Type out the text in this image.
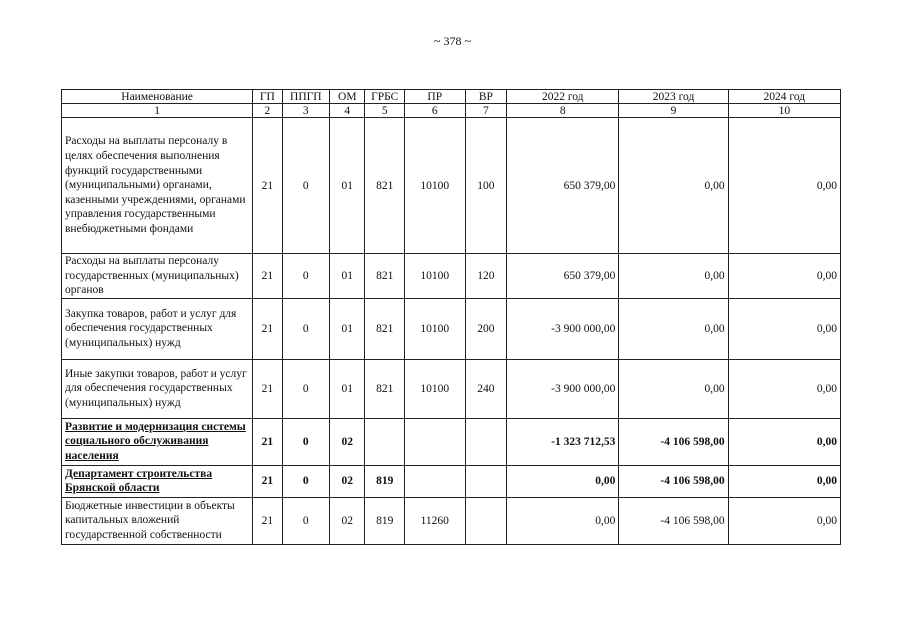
~ 378 ~
Наименование	ГП	ППГП	ОМ	ГРБС	ПР	ВР	2022 год	2023 год	2024 год
1	2	3	4	5	6	7	8	9	10
Расходы на выплаты персоналу в целях обеспечения выполнения функций государственными (муниципальными) органами, казенными учреждениями, органами управления государственными внебюджетными фондами	21	0	01	821	10100	100	650 379,00	0,00	0,00
Расходы на выплаты персоналу государственных (муниципальных) органов	21	0	01	821	10100	120	650 379,00	0,00	0,00
Закупка товаров, работ и услуг для обеспечения государственных (муниципальных) нужд	21	0	01	821	10100	200	-3 900 000,00	0,00	0,00
Иные закупки товаров, работ и услуг для обеспечения государственных (муниципальных) нужд	21	0	01	821	10100	240	-3 900 000,00	0,00	0,00
Развитие и модернизация системы социального обслуживания населения	21	0	02				-1 323 712,53	-4 106 598,00	0,00
Департамент строительства Брянской области	21	0	02	819			0,00	-4 106 598,00	0,00
Бюджетные инвестиции в объекты капитальных вложений государственной собственности	21	0	02	819	11260		0,00	-4 106 598,00	0,00
